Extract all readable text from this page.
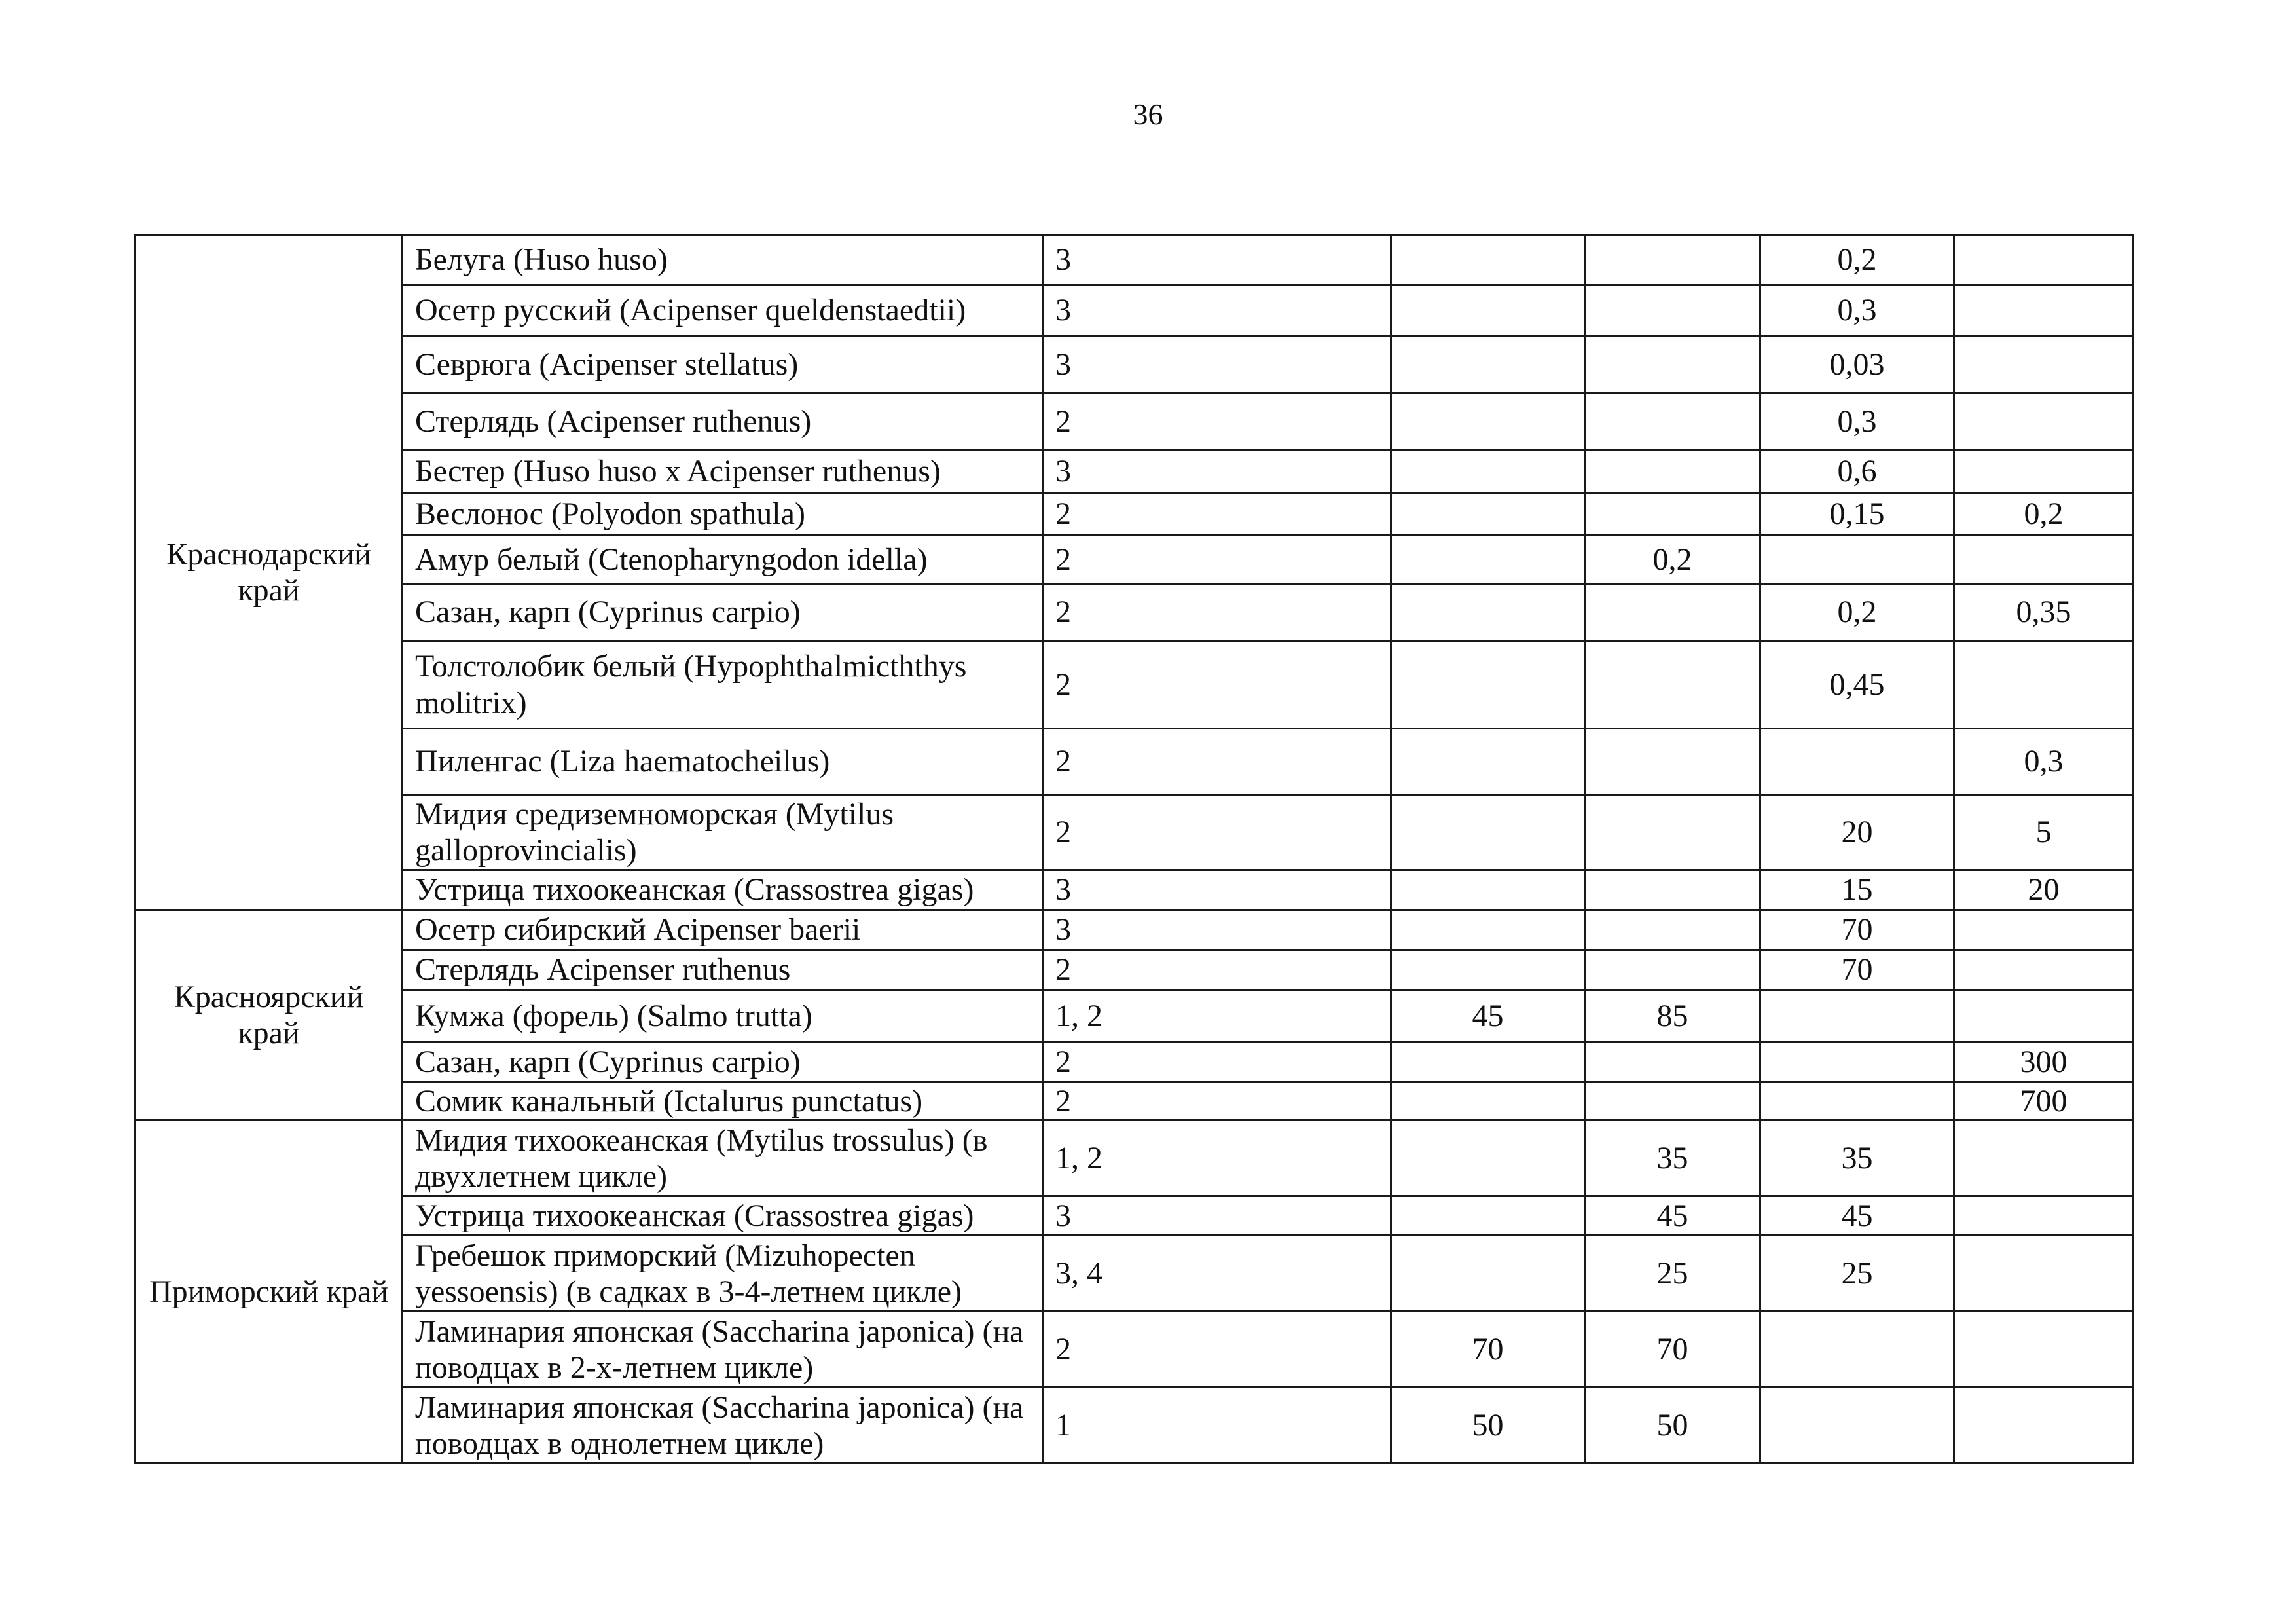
36
Краснодарский край	Белуга (Huso huso)	3			0,2	
	Осетр русский (Acipenser queldenstaedtii)	3			0,3	
	Севрюга (Acipenser stellatus)	3			0,03	
	Стерлядь (Acipenser ruthenus)	2			0,3	
	Бестер (Huso huso x Acipenser ruthenus)	3			0,6	
	Веслонос (Polyodon spathula)	2			0,15	0,2
	Амур белый (Ctenopharyngodon idella)	2		0,2		
	Сазан, карп (Cyprinus carpio)	2			0,2	0,35
	Толстолобик белый (Hypophthalmicththys molitrix)	2			0,45	
	Пиленгас (Liza haematocheilus)	2				0,3
	Мидия средиземноморская (Mytilus galloprovincialis)	2			20	5
	Устрица тихоокеанская (Crassostrea gigas)	3			15	20
Красноярский край	Осетр сибирский Acipenser baerii	3			70	
	Стерлядь Acipenser ruthenus	2			70	
	Кумжа (форель) (Salmo trutta)	1, 2	45	85		
	Сазан, карп (Cyprinus carpio)	2				300
	Сомик канальный (Ictalurus punctatus)	2				700
Приморский край	Мидия тихоокеанская (Mytilus trossulus) (в двухлетнем цикле)	1, 2		35	35	
	Устрица тихоокеанская (Crassostrea gigas)	3		45	45	
	Гребешок приморский (Mizuhopecten yessoensis) (в садках в 3-4-летнем цикле)	3, 4		25	25	
	Ламинария японская (Saccharina japonica) (на поводцах в 2-х-летнем цикле)	2	70	70		
	Ламинария японская (Saccharina japonica) (на поводцах в однолетнем цикле)	1	50	50		
